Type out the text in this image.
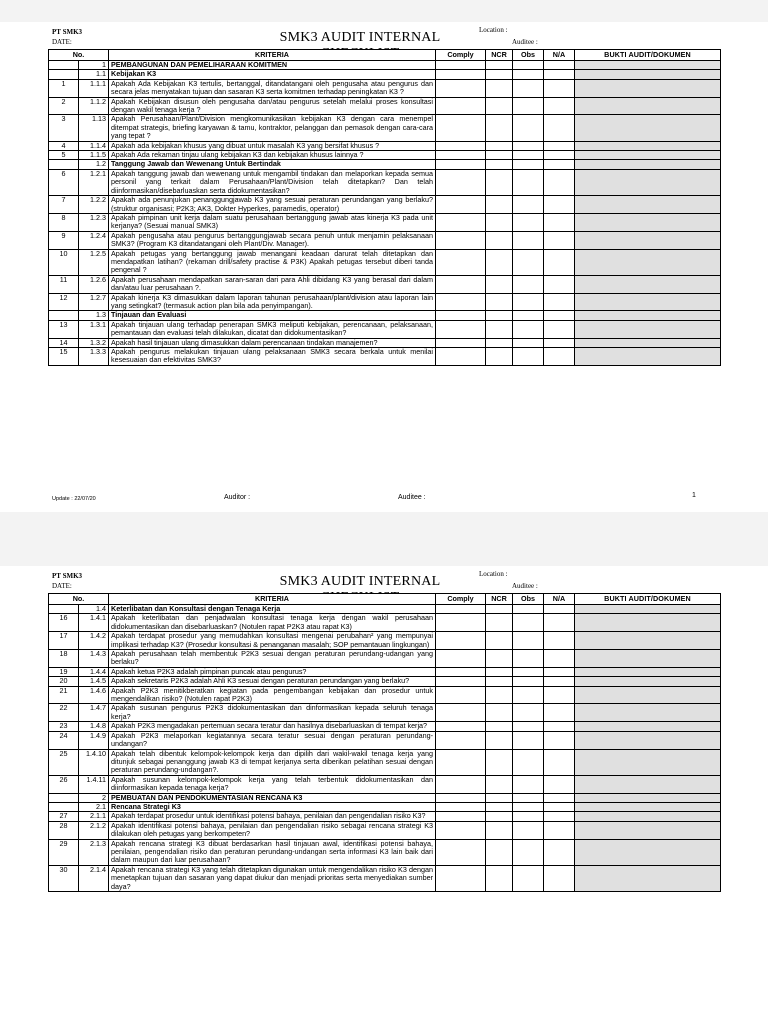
PT SMK3
DATE:	SMK3 AUDIT INTERNAL	Location :
Auditee :
No.		KRITERIA	Comply	NCR	Obs	N/A	BUKTI AUDIT/DOKUMEN
	1	PEMBANGUNAN DAN PEMELIHARAAN KOMITMEN					
	1.1	Kebijakan K3					
1	1.1.1	Apakah Ada Kebijakan K3 tertulis, bertanggal, ditandatangani oleh pengusaha atau pengurus dan secara jelas menyatakan tujuan dan sasaran K3 serta komitmen terhadap peningkatan K3 ?					
2	1.1.2	Apakah Kebijakan disusun oleh pengusaha dan/atau pengurus setelah melalui proses konsultasi dengan wakil tenaga kerja ?					
3	1.13	Apakah Perusahaan/Plant/Division mengkomunikasikan kebijakan K3 dengan cara menempel ditempat strategis, briefing karyawan & tamu, kontraktor, pelanggan dan pemasok dengan cara-cara yang tepat ?					
4	1.1.4	Apakah ada kebijakan khusus yang dibuat untuk masalah K3 yang bersifat khusus ?					
5	1.1.5	Apakah Ada rekaman tinjau ulang kebijakan K3 dan kebijakan khusus lainnya ?					
	1.2	Tanggung Jawab dan Wewenang Untuk Bertindak					
6	1.2.1	Apakah tanggung jawab dan wewenang untuk mengambil tindakan dan melaporkan kepada semua personil yang terkait dalam Perusahaan/Plant/Division telah ditetapkan? Dan telah diinformasikan/disebarluaskan serta didokumentasikan?					
7	1.2.2	Apakah ada penunjukan penanggungjawab K3 yang sesuai peraturan perundangan yang berlaku? (struktur organisasi; P2K3; AK3, Dokter Hyperkes, paramedis, operator)					
8	1.2.3	Apakah pimpinan unit kerja dalam suatu perusahaan bertanggung jawab atas kinerja K3 pada unit kerjanya? (Sesuai manual SMK3)					
9	1.2.4	Apakah pengusaha atau pengurus bertanggungjawab secara penuh untuk menjamin pelaksanaan SMK3? (Program K3 ditandatangani oleh Plant/Div. Manager).					
10	1.2.5	Apakah petugas yang bertanggung jawab menangani keadaan darurat telah ditetapkan dan mendapatkan latihan? (rekaman drill/safety practise & P3K) Apakah petugas tersebut diberi tanda pengenal ?					
11	1.2.6	Apakah perusahaan mendapatkan saran-saran dari para Ahli dibidang K3 yang berasal dari dalam dan/atau luar perusahaan ?.					
12	1.2.7	Apakah kinerja K3 dimasukkan dalam laporan tahunan perusahaan/plant/division atau laporan lain yang setingkat? (termasuk action plan bila ada penyimpangan).					
	1.3	Tinjauan dan Evaluasi					
13	1.3.1	Apakah tinjauan ulang terhadap penerapan SMK3 meliputi kebijakan, perencanaan, pelaksanaan, pemantauan dan evaluasi telah dilakukan, dicatat dan didokumentasikan?					
14	1.3.2	Apakah hasil tinjauan ulang dimasukkan dalam perencanaan tindakan manajemen?					
15	1.3.3	Apakah pengurus melakukan tinjauan ulang pelaksanaan SMK3 secara berkala untuk menilai kesesuaian dan efektivitas SMK3?					
Update : 22/07/20	Auditor :	Auditee :	1
PT SMK3
DATE:	SMK3 AUDIT INTERNAL	Location :
Auditee :
No.		KRITERIA	Comply	NCR	Obs	N/A	BUKTI AUDIT/DOKUMEN
	1.4	Keterlibatan dan Konsultasi dengan Tenaga Kerja					
16	1.4.1	Apakah keterlibatan dan penjadwalan konsultasi tenaga kerja dengan wakil perusahaan didokumentasikan dan disebarluaskan? (Notulen rapat P2K3 atau rapat K3)					
17	1.4.2	Apakah terdapat prosedur yang memudahkan konsultasi mengenai perubahan² yang mempunyai implikasi terhadap K3? (Prosedur konsultasi & penanganan masalah; SOP pemantauan lingkungan)					
18	1.4.3	Apakah perusahaan telah membentuk P2K3 sesuai dengan peraturan perundang-udangan yang berlaku?					
19	1.4.4	Apakah ketua P2K3 adalah pimpinan puncak atau pengurus?					
20	1.4.5	Apakah sekretaris P2K3 adalah Ahli K3 sesuai dengan peraturan perundangan yang berlaku?					
21	1.4.6	Apakah P2K3 menitikberatkan kegiatan pada pengembangan kebijakan dan prosedur untuk mengendalikan risiko? (Notulen rapat P2K3)					
22	1.4.7	Apakah susunan pengurus P2K3 didokumentasikan dan dinformasikan kepada seluruh tenaga kerja?					
23	1.4.8	Apakah P2K3 mengadakan pertemuan secara teratur dan hasilnya disebarluaskan di tempat kerja?					
24	1.4.9	Apakah P2K3 melaporkan kegiatannya secara teratur sesuai dengan peraturan perundang-undangan?					
25	1.4.10	Apakah telah dibentuk kelompok-kelompok kerja dan dipilih dari wakil-wakil tenaga kerja yang ditunjuk sebagai penanggung jawab K3 di tempat kerjanya serta diberikan pelatihan sesuai dengan peraturan perundang-undangan?.					
26	1.4.11	Apakah susunan kelompok-kelompok kerja yang telah terbentuk didokumentasikan dan diinformasikan kepada tenaga kerja?					
	2	PEMBUATAN DAN PENDOKUMENTASIAN RENCANA K3					
	2.1	Rencana Strategi K3					
27	2.1.1	Apakah terdapat prosedur untuk identifikasi potensi bahaya, penilaian dan pengendalian risiko K3?					
28	2.1.2	Apakah identifikasi potensi bahaya, penilaian dan pengendalian risiko sebagai rencana strategi K3 dilakukan oleh petugas yang berkompeten?					
29	2.1.3	Apakah rencana strategi K3 dibuat berdasarkan hasil tinjauan awal, identifikasi potensi bahaya, penilaian, pengendalian risiko dan peraturan perundang-undangan serta informasi K3 lain baik dari dalam maupun dari luar perusahaan?					
30	2.1.4	Apakah rencana strategi K3 yang telah ditetapkan digunakan untuk mengendalikan risiko K3 dengan menetapkan tujuan dan sasaran yang dapat diukur dan menjadi prioritas serta menyediakan sumber daya?					
